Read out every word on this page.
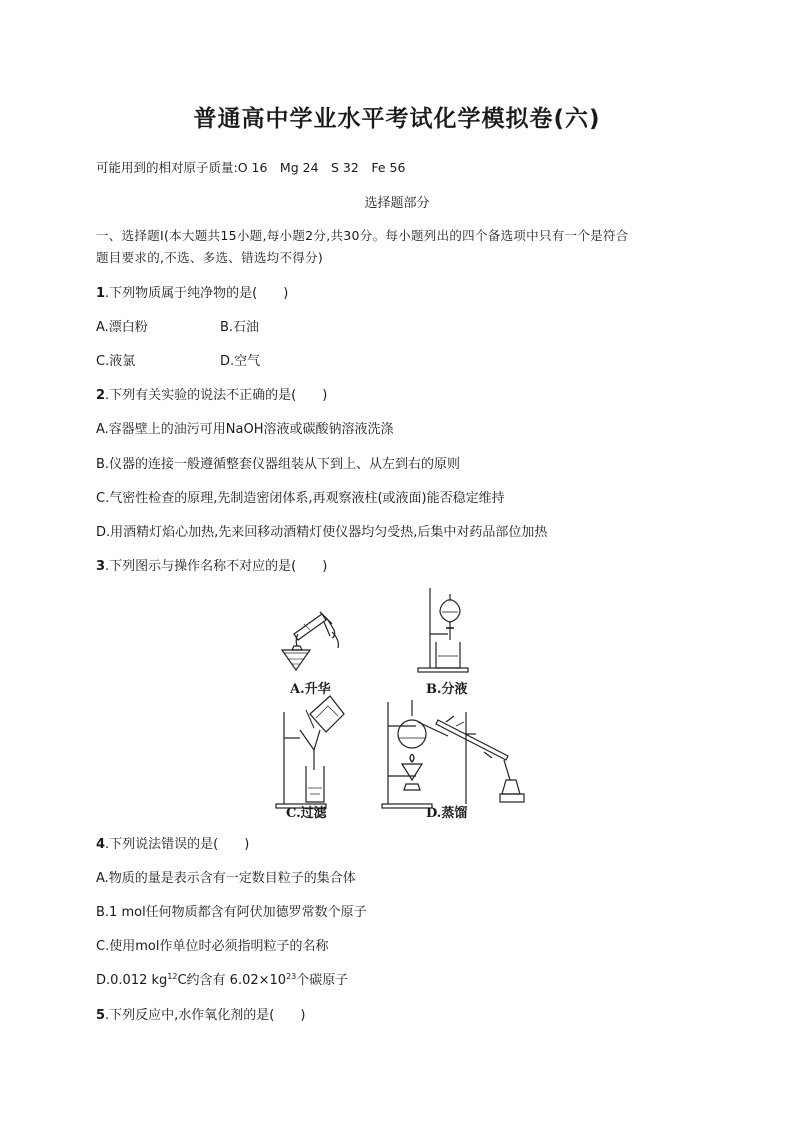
普通高中学业水平考试化学模拟卷(六)
可能用到的相对原子质量:O 16　Mg 24　S 32　Fe 56
选择题部分
一、选择题Ⅰ(本大题共15小题,每小题2分,共30分。每小题列出的四个备选项中只有一个是符合
题目要求的,不选、多选、错选均不得分)
1.下列物质属于纯净物的是(　　)
A.漂白粉	B.石油
C.液氯	D.空气
2.下列有关实验的说法不正确的是(　　)
A.容器壁上的油污可用NaOH溶液或碳酸钠溶液洗涤
B.仪器的连接一般遵循整套仪器组装从下到上、从左到右的原则
C.气密性检查的原理,先制造密闭体系,再观察液柱(或液面)能否稳定维持
D.用酒精灯焰心加热,先来回移动酒精灯使仪器均匀受热,后集中对药品部位加热
3.下列图示与操作名称不对应的是(　　)
A.升华	B.分液
C.过滤	D.蒸馏
4.下列说法错误的是(　　)
A.物质的量是表示含有一定数目粒子的集合体
B.1 mol任何物质都含有阿伏加德罗常数个原子
C.使用mol作单位时必须指明粒子的名称
D.0.012 $kg^{12}C$约含有 $6.02\times 10^{23}$个碳原子
5.下列反应中,水作氧化剂的是(　　)
